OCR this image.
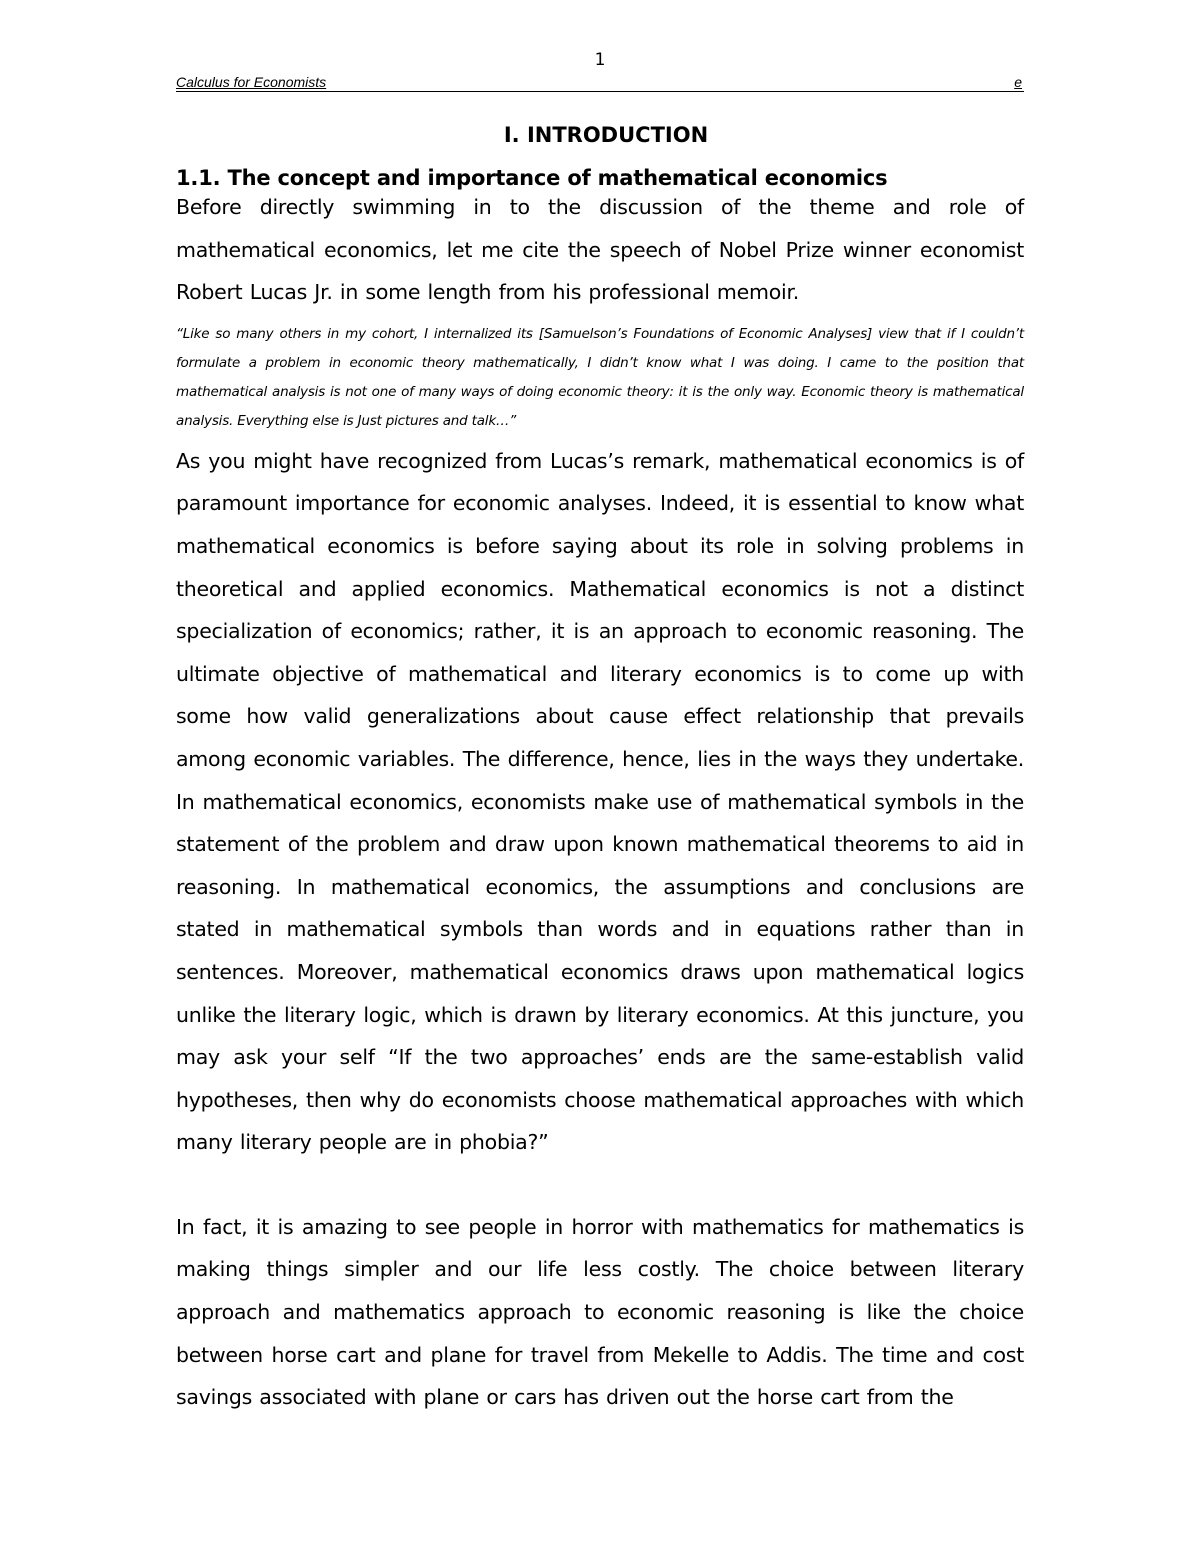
1
Calculus for Economists	e
I. INTRODUCTION
1.1. The concept and importance of mathematical economics

Before directly swimming in to the discussion of the theme and role of mathematical economics, let me cite the speech of Nobel Prize winner economist Robert Lucas Jr. in some length from his professional memoir.

“Like so many others in my cohort, I internalized its [Samuelson’s Foundations of Economic Analyses] view that if I couldn’t formulate a problem in economic theory mathematically, I didn’t know what I was doing. I came to the position that mathematical analysis is not one of many ways of doing economic theory: it is the only way. Economic theory is mathematical analysis. Everything else is Just pictures and talk…”

As you might have recognized from Lucas’s remark, mathematical economics is of paramount importance for economic analyses. Indeed, it is essential to know what mathematical economics is before saying about its role in solving problems in theoretical and applied economics. Mathematical economics is not a distinct specialization of economics; rather, it is an approach to economic reasoning. The ultimate objective of mathematical and literary economics is to come up with some how valid generalizations about cause effect relationship that prevails among economic variables. The difference, hence, lies in the ways they undertake. In mathematical economics, economists make use of mathematical symbols in the statement of the problem and draw upon known mathematical theorems to aid in reasoning. In mathematical economics, the assumptions and conclusions are stated in mathematical symbols than words and in equations rather than in sentences. Moreover, mathematical economics draws upon mathematical logics unlike the literary logic, which is drawn by literary economics. At this juncture, you may ask your self “If the two approaches’ ends are the same-establish valid hypotheses, then why do economists choose mathematical approaches with which many literary people are in phobia?”

In fact, it is amazing to see people in horror with mathematics for mathematics is making things simpler and our life less costly. The choice between literary approach and mathematics approach to economic reasoning is like the choice between horse cart and plane for travel from Mekelle to Addis. The time and cost savings associated with plane or cars has driven out the horse cart from the
